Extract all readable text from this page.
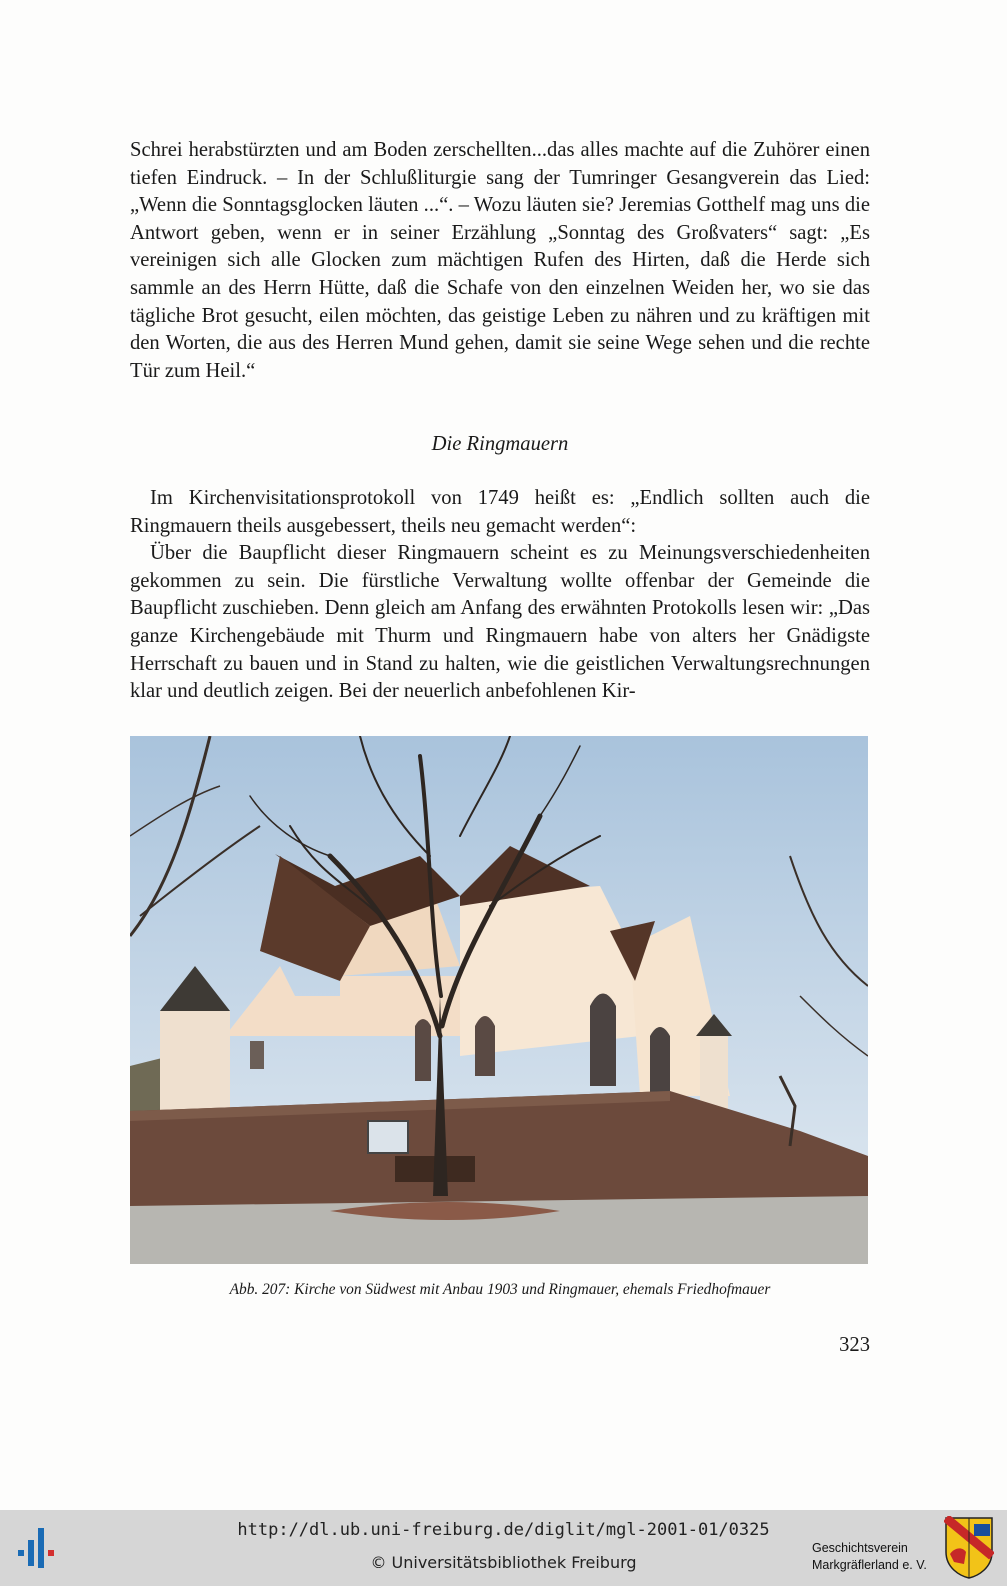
Schrei herabstürzten und am Boden zerschellten...das alles machte auf die Zuhörer einen tiefen Eindruck. – In der Schlußliturgie sang der Tumringer Gesangverein das Lied: „Wenn die Sonntagsglocken läuten ...“. – Wozu läuten sie? Jeremias Gotthelf mag uns die Antwort geben, wenn er in seiner Erzählung „Sonntag des Großvaters“ sagt: „Es vereinigen sich alle Glocken zum mächtigen Rufen des Hirten, daß die Herde sich sammle an des Herrn Hütte, daß die Schafe von den einzelnen Weiden her, wo sie das tägliche Brot gesucht, eilen möchten, das geistige Leben zu nähren und zu kräftigen mit den Worten, die aus des Herren Mund gehen, damit sie seine Wege sehen und die rechte Tür zum Heil.“

Die Ringmauern

Im Kirchenvisitationsprotokoll von 1749 heißt es: „Endlich sollten auch die Ringmauern theils ausgebessert, theils neu gemacht werden“:

Über die Baupflicht dieser Ringmauern scheint es zu Meinungsverschiedenheiten gekommen zu sein. Die fürstliche Verwaltung wollte offenbar der Gemeinde die Baupflicht zuschieben. Denn gleich am Anfang des erwähnten Protokolls lesen wir: „Das ganze Kirchengebäude mit Thurm und Ringmauern habe von alters her Gnädigste Herrschaft zu bauen und in Stand zu halten, wie die geistlichen Verwaltungsrechnungen klar und deutlich zeigen. Bei der neuerlich anbefohlenen Kir-

Abb. 207: Kirche von Südwest mit Anbau 1903 und Ringmauer, ehemals Friedhofmauer
323
http://dl.ub.uni-freiburg.de/diglit/mgl-2001-01/0325
© Universitätsbibliothek Freiburg
Geschichtsverein
Markgräflerland e. V.
